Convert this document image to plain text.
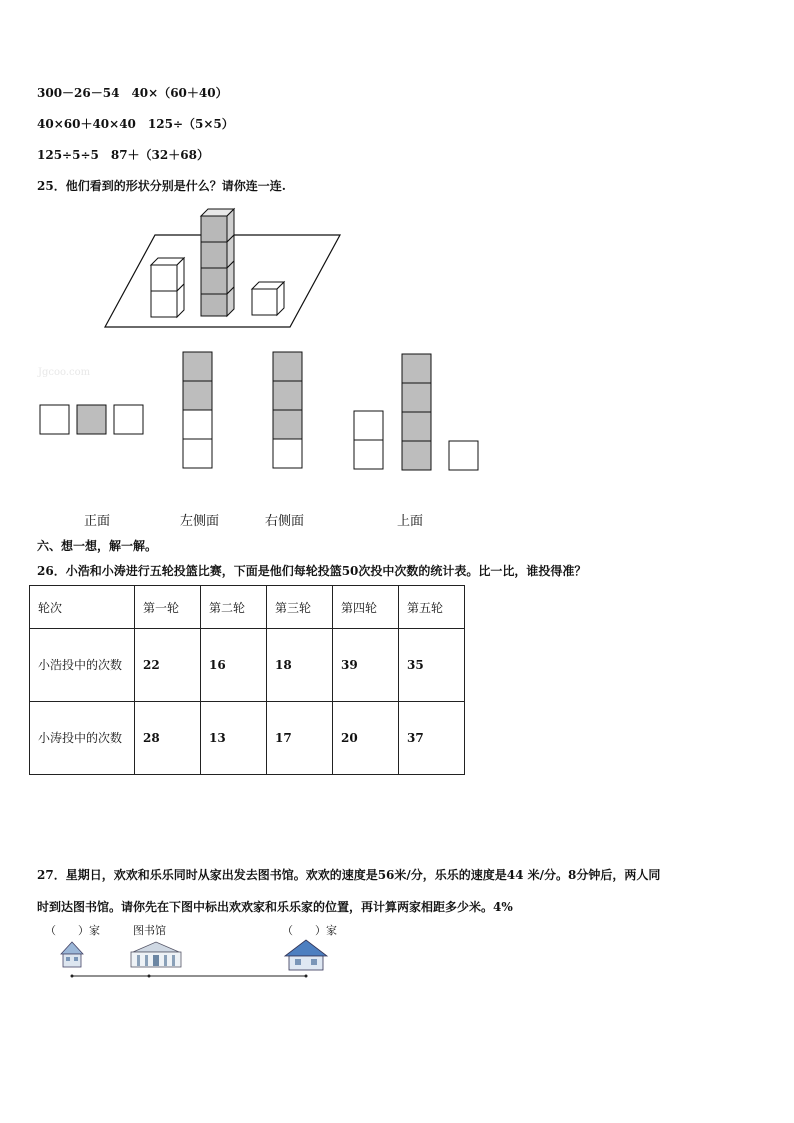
300－26－54　40×（60＋40）
40×60＋40×40　125÷（5×5）
125÷5÷5　87＋（32＋68）
25．他们看到的形状分别是什么？请你连一连.
Jgcoo.com
正面	左侧面	右侧面	上面
六、想一想，解一解。
26．小浩和小涛进行五轮投篮比赛，下面是他们每轮投篮50次投中次数的统计表。比一比，谁投得准？
轮次	第一轮	第二轮	第三轮	第四轮	第五轮
小浩投中的次数	22	16	18	39	35
小涛投中的次数	28	13	17	20	37
27．星期日，欢欢和乐乐同时从家出发去图书馆。欢欢的速度是56米/分，乐乐的速度是44 米/分。8分钟后，两人同
时到达图书馆。请你先在下图中标出欢欢家和乐乐家的位置，再计算两家相距多少米。4%
（　　）家	图书馆	（　　）家
